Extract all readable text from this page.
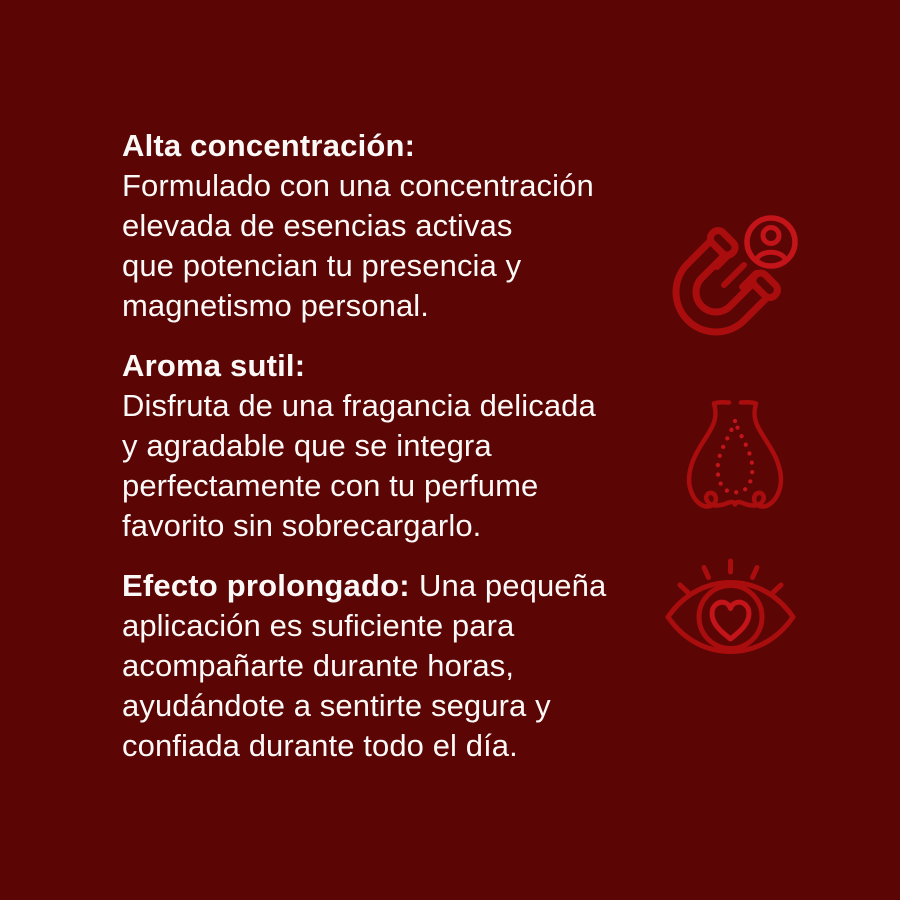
Alta concentración:
Formulado con una concentración
elevada de esencias activas
que potencian tu presencia y
magnetismo personal.
Aroma sutil:
Disfruta de una fragancia delicada
y agradable que se integra
perfectamente con tu perfume
favorito sin sobrecargarlo.
Efecto prolongado: Una pequeña
aplicación es suficiente para
acompañarte durante horas,
ayudándote a sentirte segura y
confiada durante todo el día.
